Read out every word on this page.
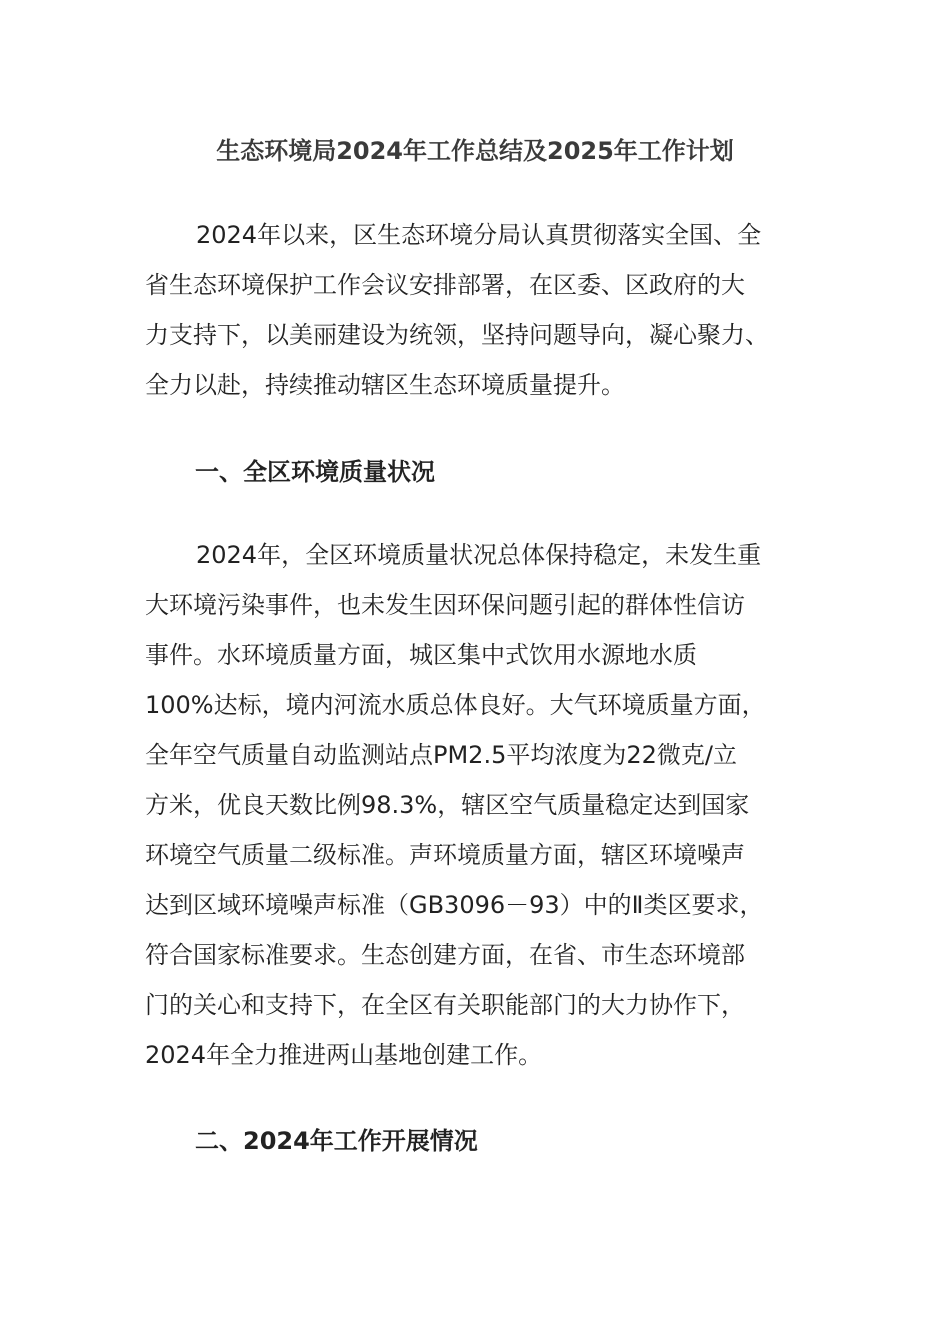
生态环境局2024年工作总结及2025年工作计划
2024年以来，区生态环境分局认真贯彻落实全国、全
省生态环境保护工作会议安排部署，在区委、区政府的大
力支持下，以美丽建设为统领，坚持问题导向，凝心聚力、
全力以赴，持续推动辖区生态环境质量提升。
一、全区环境质量状况
2024年，全区环境质量状况总体保持稳定，未发生重
大环境污染事件，也未发生因环保问题引起的群体性信访
事件。水环境质量方面，城区集中式饮用水源地水质
100%达标，境内河流水质总体良好。大气环境质量方面，
全年空气质量自动监测站点PM2.5平均浓度为22微克/立
方米，优良天数比例98.3%，辖区空气质量稳定达到国家
环境空气质量二级标准。声环境质量方面，辖区环境噪声
达到区域环境噪声标准（GB3096－93）中的Ⅱ类区要求，
符合国家标准要求。生态创建方面，在省、市生态环境部
门的关心和支持下，在全区有关职能部门的大力协作下，
2024年全力推进两山基地创建工作。
二、2024年工作开展情况
